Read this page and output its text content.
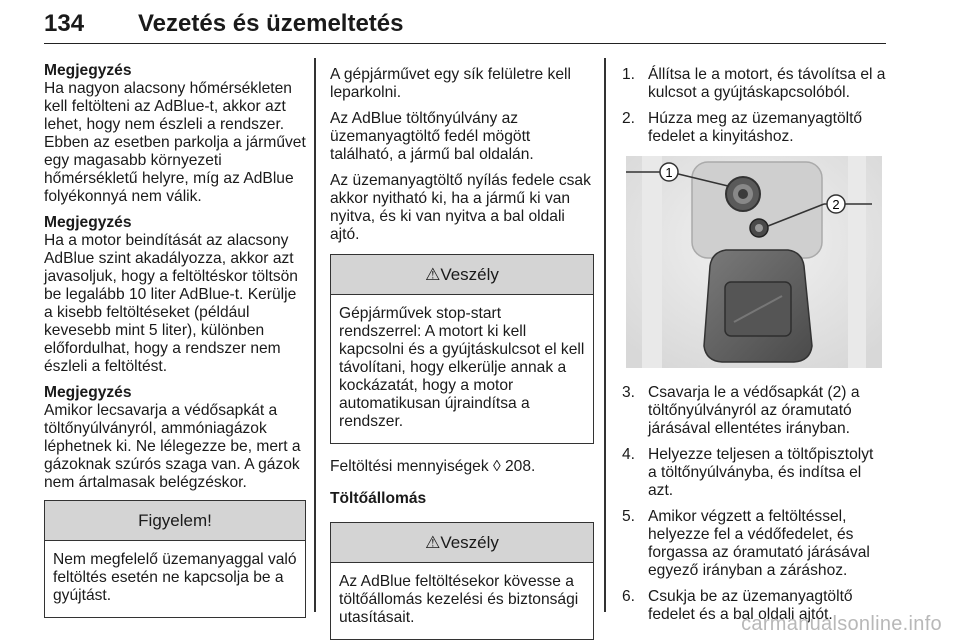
134 Vezetés és üzemeltetés
Megjegyzés
Ha nagyon alacsony hőmérsékleten kell feltölteni az AdBlue-t, akkor azt lehet, hogy nem észleli a rendszer. Ebben az esetben parkolja a járművet egy magasabb környezeti hőmérsékletű helyre, míg az AdBlue folyékonnyá nem válik.
Megjegyzés
Ha a motor beindítását az alacsony AdBlue szint akadályozza, akkor azt javasoljuk, hogy a feltöltéskor töltsön be legalább 10 liter AdBlue-t. Kerülje a kisebb feltöltéseket (például kevesebb mint 5 liter), különben előfordulhat, hogy a rendszer nem észleli a feltöltést.
Megjegyzés
Amikor lecsavarja a védősapkát a töltőnyúlványról, ammóniagázok léphetnek ki. Ne lélegezze be, mert a gázoknak szúrós szaga van. A gázok nem ártalmasak belégzéskor.
Figyelem!
Nem megfelelő üzemanyaggal való feltöltés esetén ne kapcsolja be a gyújtást.
A gépjárművet egy sík felületre kell leparkolni.
Az AdBlue töltőnyúlvány az üzemanyagtöltő fedél mögött található, a jármű bal oldalán.
Az üzemanyagtöltő nyílás fedele csak akkor nyitható ki, ha a jármű ki van nyitva, és ki van nyitva a bal oldali ajtó.
⚠Veszély
Gépjárművek stop-start rendszerrel: A motort ki kell kapcsolni és a gyújtáskulcsot el kell távolítani, hogy elkerülje annak a kockázatát, hogy a motor automatikusan újraindítsa a rendszer.
Feltöltési mennyiségek ◊ 208.
Töltőállomás
⚠Veszély
Az AdBlue feltöltésekor kövesse a töltőállomás kezelési és biztonsági utasításait.
1. Állítsa le a motort, és távolítsa el a kulcsot a gyújtáskapcsolóból.
2. Húzza meg az üzemanyagtöltő fedelet a kinyitáshoz.
1
2
3. Csavarja le a védősapkát (2) a töltőnyúlványról az óramutató járásával ellentétes irányban.
4. Helyezze teljesen a töltőpisztolyt a töltőnyúlványba, és indítsa el azt.
5. Amikor végzett a feltöltéssel, helyezze fel a védőfedelet, és forgassa az óramutató járásával egyező irányban a záráshoz.
6. Csukja be az üzemanyagtöltő fedelet és a bal oldali ajtót.
carmanualsonline.info
